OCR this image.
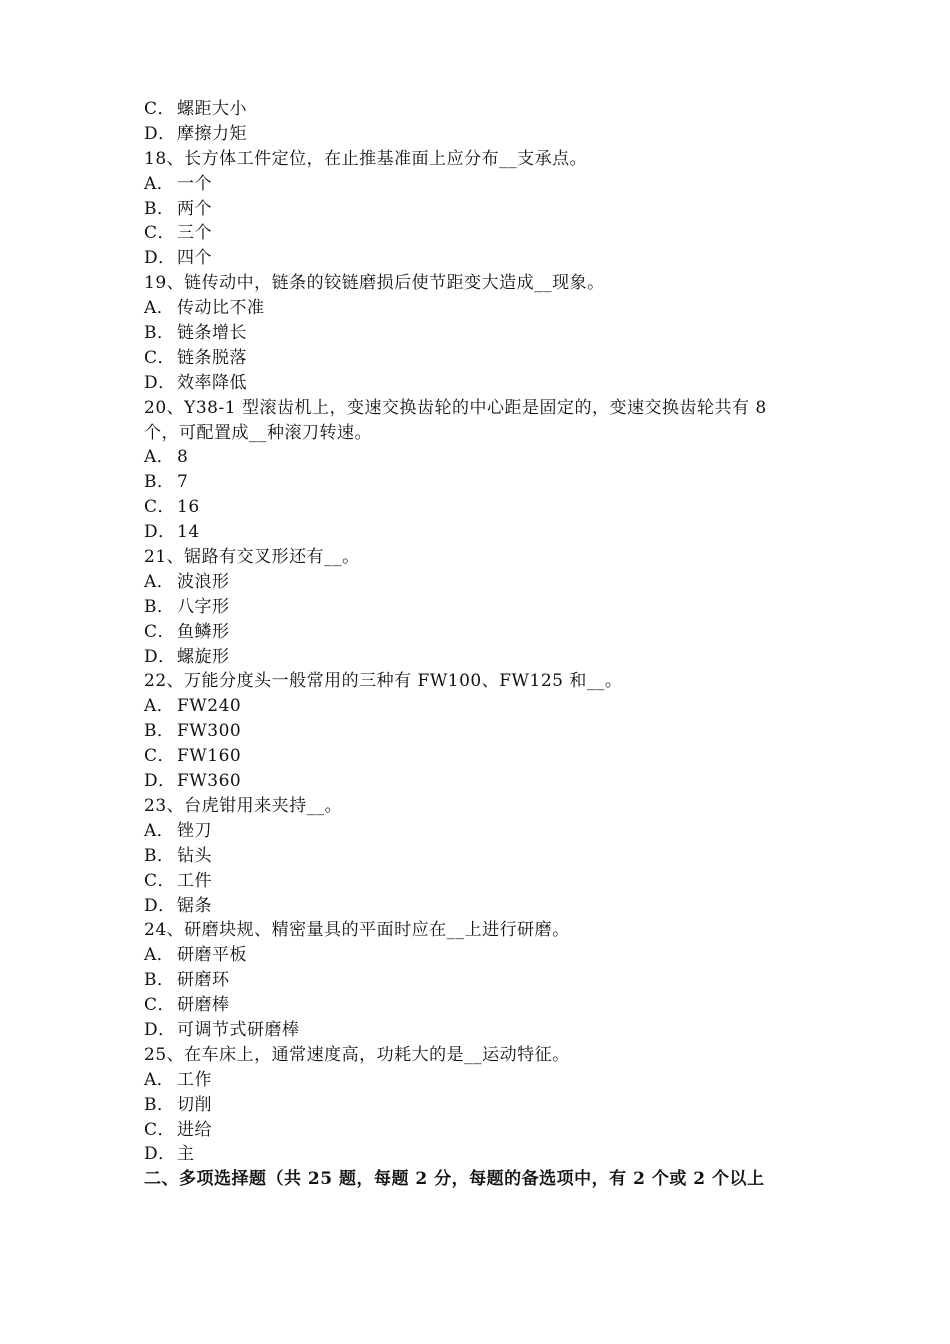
C． 螺距大小
D．摩擦力矩
18、长方体工件定位，在止推基准面上应分布__支承点。
A． 一个
B． 两个
C． 三个
D．四个
19、链传动中，链条的铰链磨损后使节距变大造成__现象。
A． 传动比不准
B． 链条增长
C． 链条脱落
D．效率降低
20、Y38-1 型滚齿机上，变速交换齿轮的中心距是固定的，变速交换齿轮共有 8
个，可配置成__种滚刀转速。
A． 8
B． 7
C． 16
D．14
21、锯路有交叉形还有__。
A． 波浪形
B． 八字形
C． 鱼鳞形
D．螺旋形
22、万能分度头一般常用的三种有 FW100、FW125 和__。
A． FW240
B． FW300
C． FW160
D．FW360
23、台虎钳用来夹持__。
A． 锉刀
B． 钻头
C． 工件
D．锯条
24、研磨块规、精密量具的平面时应在__上进行研磨。
A． 研磨平板
B． 研磨环
C． 研磨棒
D．可调节式研磨棒
25、在车床上，通常速度高，功耗大的是__运动特征。
A． 工作
B． 切削
C． 进给
D．主
二、多项选择题（共 25 题，每题 2 分，每题的备选项中，有 2 个或 2 个以上
